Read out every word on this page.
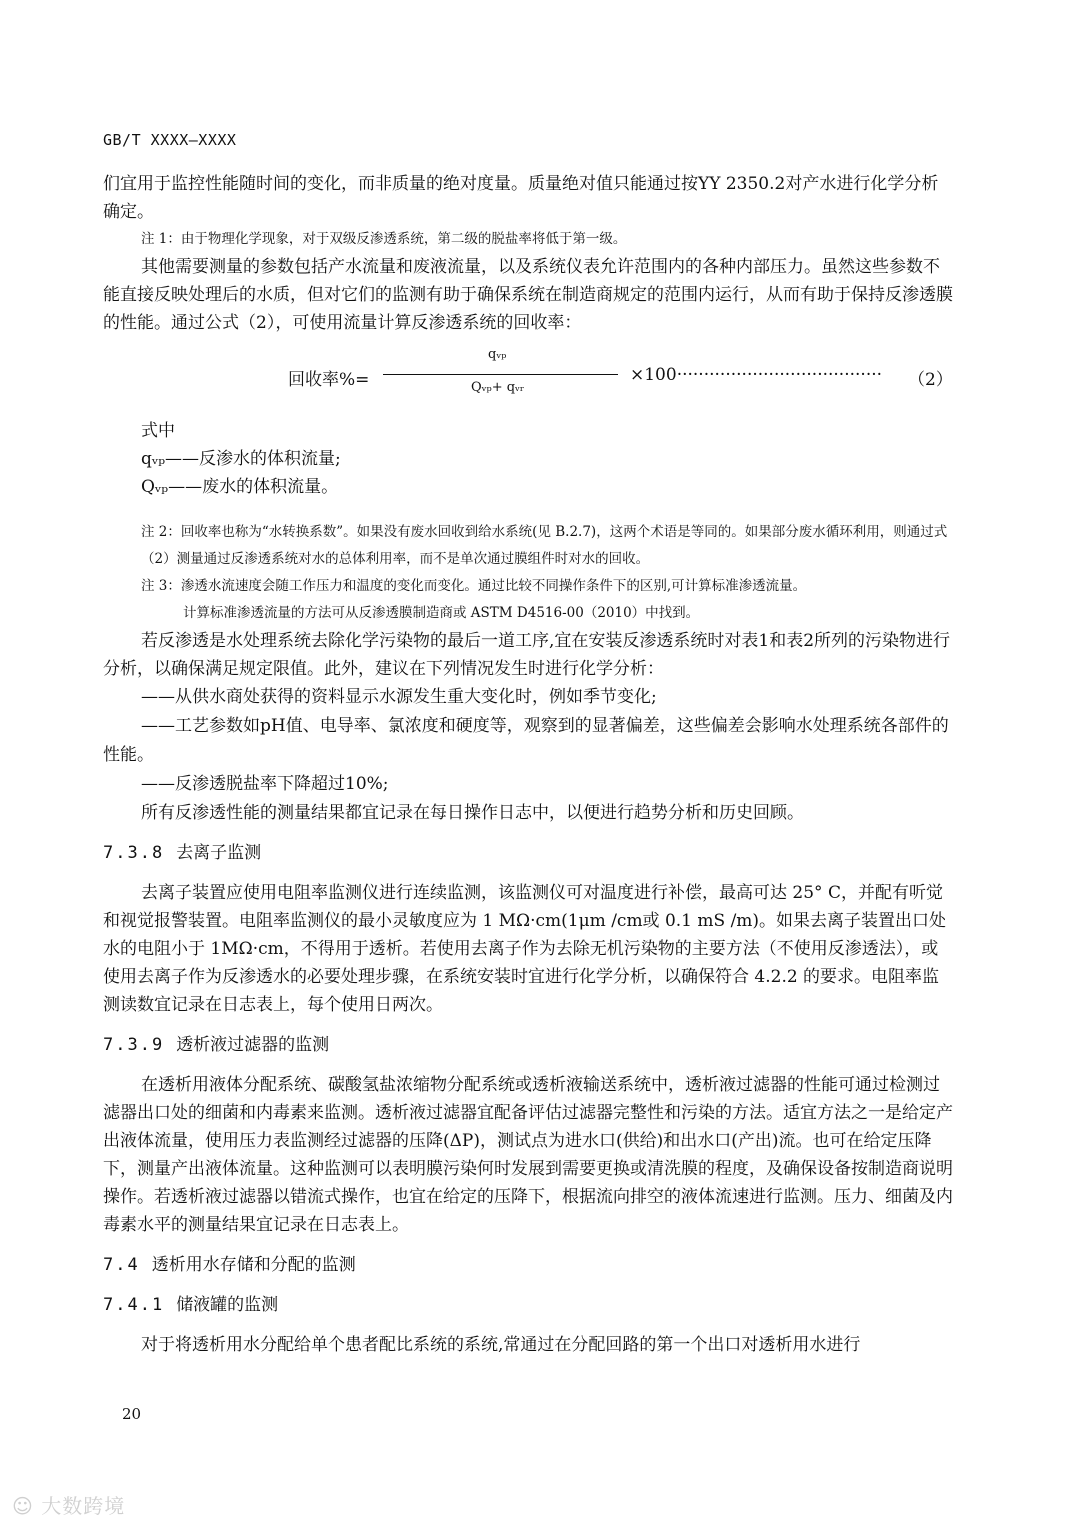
GB/T XXXX—XXXX

们宜用于监控性能随时间的变化，而非质量的绝对度量。质量绝对值只能通过按YY 2350.2对产水进行化学分析确定。

注 1：由于物理化学现象，对于双级反渗透系统，第二级的脱盐率将低于第一级。

其他需要测量的参数包括产水流量和废液流量，以及系统仪表允许范围内的各种内部压力。虽然这些参数不能直接反映处理后的水质，但对它们的监测有助于确保系统在制造商规定的范围内运行，从而有助于保持反渗透膜的性能。通过公式（2），可使用流量计算反渗透系统的回收率：

回收率%=
qᵥₚ
Qᵥₚ+ qᵥᵣ
×100······································ （2）

式中

qᵥₚ——反渗水的体积流量;

Qᵥₚ——废水的体积流量。

注 2：回收率也称为“水转换系数”。如果没有废水回收到给水系统(见 B.2.7)，这两个术语是等同的。如果部分废水循环利用，则通过式（2）测量通过反渗透系统对水的总体利用率，而不是单次通过膜组件时对水的回收。

注 3：渗透水流速度会随工作压力和温度的变化而变化。通过比较不同操作条件下的区别,可计算标准渗透流量。

计算标准渗透流量的方法可从反渗透膜制造商或 ASTM D4516-00（2010）中找到。

若反渗透是水处理系统去除化学污染物的最后一道工序,宜在安装反渗透系统时对表1和表2所列的污染物进行分析，以确保满足规定限值。此外，建议在下列情况发生时进行化学分析：

——从供水商处获得的资料显示水源发生重大变化时，例如季节变化;

——工艺参数如pH值、电导率、氯浓度和硬度等，观察到的显著偏差，这些偏差会影响水处理系统各部件的性能。

——反渗透脱盐率下降超过10%;

所有反渗透性能的测量结果都宜记录在每日操作日志中，以便进行趋势分析和历史回顾。

7.3.8 去离子监测

去离子装置应使用电阻率监测仪进行连续监测，该监测仪可对温度进行补偿，最高可达 25° C，并配有听觉和视觉报警装置。电阻率监测仪的最小灵敏度应为 1 MΩ·cm(1μm /cm或 0.1 mS /m)。如果去离子装置出口处水的电阻小于 1MΩ·cm，不得用于透析。若使用去离子作为去除无机污染物的主要方法（不使用反渗透法），或使用去离子作为反渗透水的必要处理步骤，在系统安装时宜进行化学分析，以确保符合 4.2.2 的要求。电阻率监测读数宜记录在日志表上，每个使用日两次。

7.3.9 透析液过滤器的监测

在透析用液体分配系统、碳酸氢盐浓缩物分配系统或透析液输送系统中，透析液过滤器的性能可通过检测过滤器出口处的细菌和内毒素来监测。透析液过滤器宜配备评估过滤器完整性和污染的方法。适宜方法之一是给定产出液体流量，使用压力表监测经过滤器的压降(ΔP)，测试点为进水口(供给)和出水口(产出)流。也可在给定压降下，测量产出液体流量。这种监测可以表明膜污染何时发展到需要更换或清洗膜的程度，及确保设备按制造商说明操作。若透析液过滤器以错流式操作，也宜在给定的压降下，根据流向排空的液体流速进行监测。压力、细菌及内毒素水平的测量结果宜记录在日志表上。

7.4 透析用水存储和分配的监测
7.4.1 储液罐的监测

对于将透析用水分配给单个患者配比系统的系统,常通过在分配回路的第一个出口对透析用水进行

20
☺ 大数跨境
